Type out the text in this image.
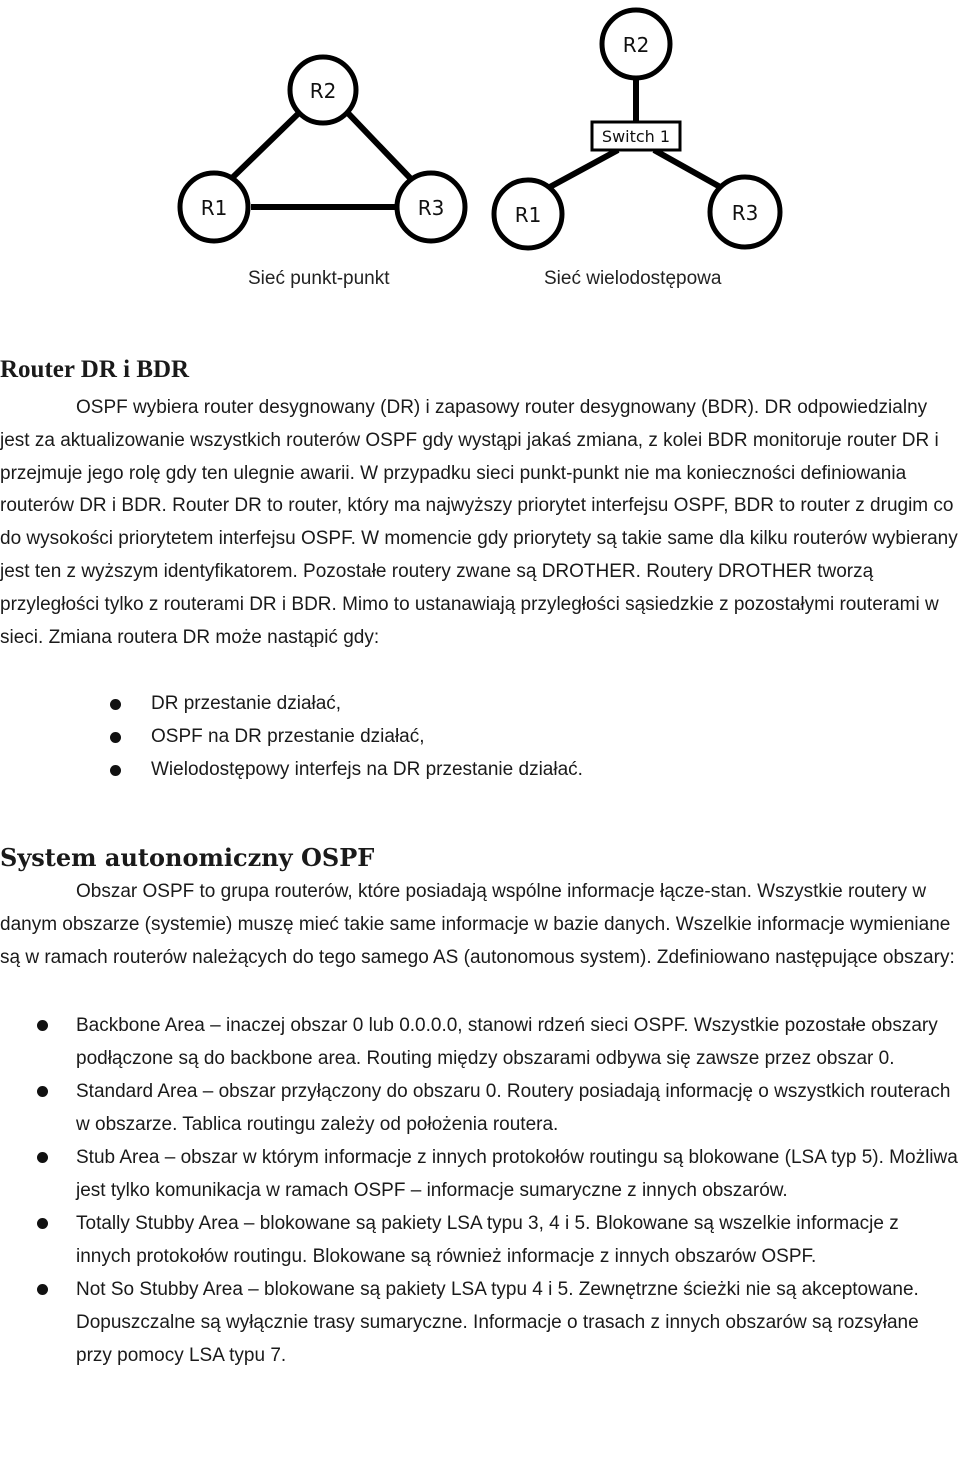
R2
R1	R3
R2
Switch 1
R1	R3
Sieć punkt-punkt	Sieć wielodostępowa
Router DR i BDR
OSPF wybiera router desygnowany (DR) i zapasowy router desygnowany (BDR). DR odpowiedzialny jest za aktualizowanie wszystkich routerów OSPF gdy wystąpi jakaś zmiana, z kolei BDR monitoruje router DR i przejmuje jego rolę gdy ten ulegnie awarii. W przypadku sieci punkt-punkt nie ma konieczności definiowania routerów DR i BDR. Router DR to router, który ma najwyższy priorytet interfejsu OSPF, BDR to router z drugim co do wysokości priorytetem interfejsu OSPF. W momencie gdy priorytety są takie same dla kilku routerów wybierany jest ten z wyższym identyfikatorem. Pozostałe routery zwane są DROTHER. Routery DROTHER tworzą przyległości tylko z routerami DR i BDR. Mimo to ustanawiają przyległości sąsiedzkie z pozostałymi routerami w sieci. Zmiana routera DR może nastąpić gdy:
DR przestanie działać,
OSPF na DR przestanie działać,
Wielodostępowy interfejs na DR przestanie działać.
System autonomiczny OSPF
Obszar OSPF to grupa routerów, które posiadają wspólne informacje łącze-stan. Wszystkie routery w danym obszarze (systemie) muszę mieć takie same informacje w bazie danych. Wszelkie informacje wymieniane są w ramach routerów należących do tego samego AS (autonomous system). Zdefiniowano następujące obszary:
Backbone Area – inaczej obszar 0 lub 0.0.0.0, stanowi rdzeń sieci OSPF. Wszystkie pozostałe obszary podłączone są do backbone area. Routing między obszarami odbywa się zawsze przez obszar 0.
Standard Area – obszar przyłączony do obszaru 0. Routery posiadają informację o wszystkich routerach w obszarze. Tablica routingu zależy od położenia routera.
Stub Area – obszar w którym informacje z innych protokołów routingu są blokowane (LSA typ 5). Możliwa jest tylko komunikacja w ramach OSPF – informacje sumaryczne z innych obszarów.
Totally Stubby Area – blokowane są pakiety LSA typu 3, 4 i 5. Blokowane są wszelkie informacje z innych protokołów routingu. Blokowane są również informacje z innych obszarów OSPF.
Not So Stubby Area – blokowane są pakiety LSA typu 4 i 5. Zewnętrzne ścieżki nie są akceptowane. Dopuszczalne są wyłącznie trasy sumaryczne. Informacje o trasach z innych obszarów są rozsyłane przy pomocy LSA typu 7.
